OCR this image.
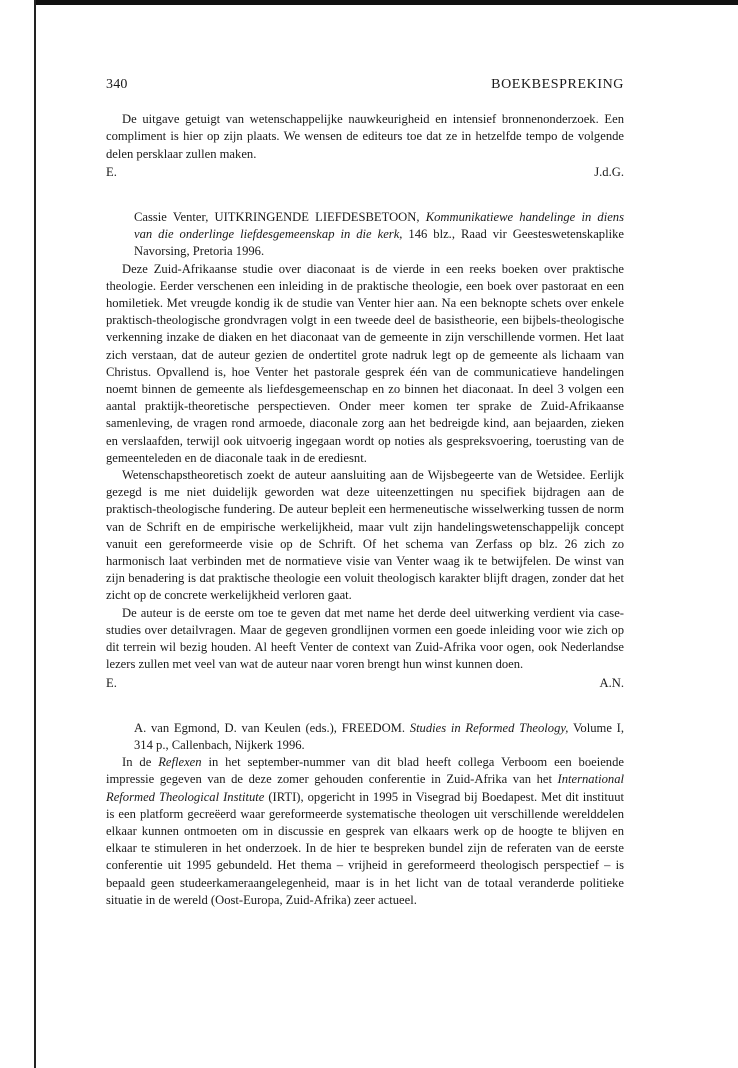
340	BOEKBESPREKING

De uitgave getuigt van wetenschappelijke nauwkeurigheid en intensief bronnenonderzoek. Een compliment is hier op zijn plaats. We wensen de editeurs toe dat ze in hetzelfde tempo de volgende delen persklaar zullen maken.

E.	J.d.G.

Cassie Venter, UITKRINGENDE LIEFDESBETOON, Kommunikatiewe handelinge in diens van die onderlinge liefdesgemeenskap in die kerk, 146 blz., Raad vir Geesteswetenskaplike Navorsing, Pretoria 1996.

Deze Zuid-Afrikaanse studie over diaconaat is de vierde in een reeks boeken over praktische theologie. Eerder verschenen een inleiding in de praktische theologie, een boek over pastoraat en een homiletiek. Met vreugde kondig ik de studie van Venter hier aan. Na een beknopte schets over enkele praktisch-theologische grondvragen volgt in een tweede deel de basistheorie, een bijbels-theologische verkenning inzake de diaken en het diaconaat van de gemeente in zijn verschillende vormen. Het laat zich verstaan, dat de auteur gezien de ondertitel grote nadruk legt op de gemeente als lichaam van Christus. Opvallend is, hoe Venter het pastorale gesprek één van de communicatieve handelingen noemt binnen de gemeente als liefdesgemeenschap en zo binnen het diaconaat. In deel 3 volgen een aantal praktijk-theoretische perspectieven. Onder meer komen ter sprake de Zuid-Afrikaanse samenleving, de vragen rond armoede, diaconale zorg aan het bedreigde kind, aan bejaarden, zieken en verslaafden, terwijl ook uitvoerig ingegaan wordt op noties als gespreksvoering, toerusting van de gemeenteleden en de diaconale taak in de erediesnt.

Wetenschapstheoretisch zoekt de auteur aansluiting aan de Wijsbegeerte van de Wetsidee. Eerlijk gezegd is me niet duidelijk geworden wat deze uiteenzettingen nu specifiek bijdragen aan de praktisch-theologische fundering. De auteur bepleit een hermeneutische wisselwerking tussen de norm van de Schrift en de empirische werkelijkheid, maar vult zijn handelingswetenschappelijk concept vanuit een gereformeerde visie op de Schrift. Of het schema van Zerfass op blz. 26 zich zo harmonisch laat verbinden met de normatieve visie van Venter waag ik te betwijfelen. De winst van zijn benadering is dat praktische theologie een voluit theologisch karakter blijft dragen, zonder dat het zicht op de concrete werkelijkheid verloren gaat.

De auteur is de eerste om toe te geven dat met name het derde deel uitwerking verdient via case-studies over detailvragen. Maar de gegeven grondlijnen vormen een goede inleiding voor wie zich op dit terrein wil bezig houden. Al heeft Venter de context van Zuid-Afrika voor ogen, ook Nederlandse lezers zullen met veel van wat de auteur naar voren brengt hun winst kunnen doen.

E.	A.N.

A. van Egmond, D. van Keulen (eds.), FREEDOM. Studies in Reformed Theology, Volume I, 314 p., Callenbach, Nijkerk 1996.

In de Reflexen in het september-nummer van dit blad heeft collega Verboom een boeiende impressie gegeven van de deze zomer gehouden conferentie in Zuid-Afrika van het International Reformed Theological Institute (IRTI), opgericht in 1995 in Visegrad bij Boedapest. Met dit instituut is een platform gecreëerd waar gereformeerde systematische theologen uit verschillende werelddelen elkaar kunnen ontmoeten om in discussie en gesprek van elkaars werk op de hoogte te blijven en elkaar te stimuleren in het onderzoek. In de hier te bespreken bundel zijn de referaten van de eerste conferentie uit 1995 gebundeld. Het thema – vrijheid in gereformeerd theologisch perspectief – is bepaald geen studeerkameraangelegenheid, maar is in het licht van de totaal veranderde politieke situatie in de wereld (Oost-Europa, Zuid-Afrika) zeer actueel.
